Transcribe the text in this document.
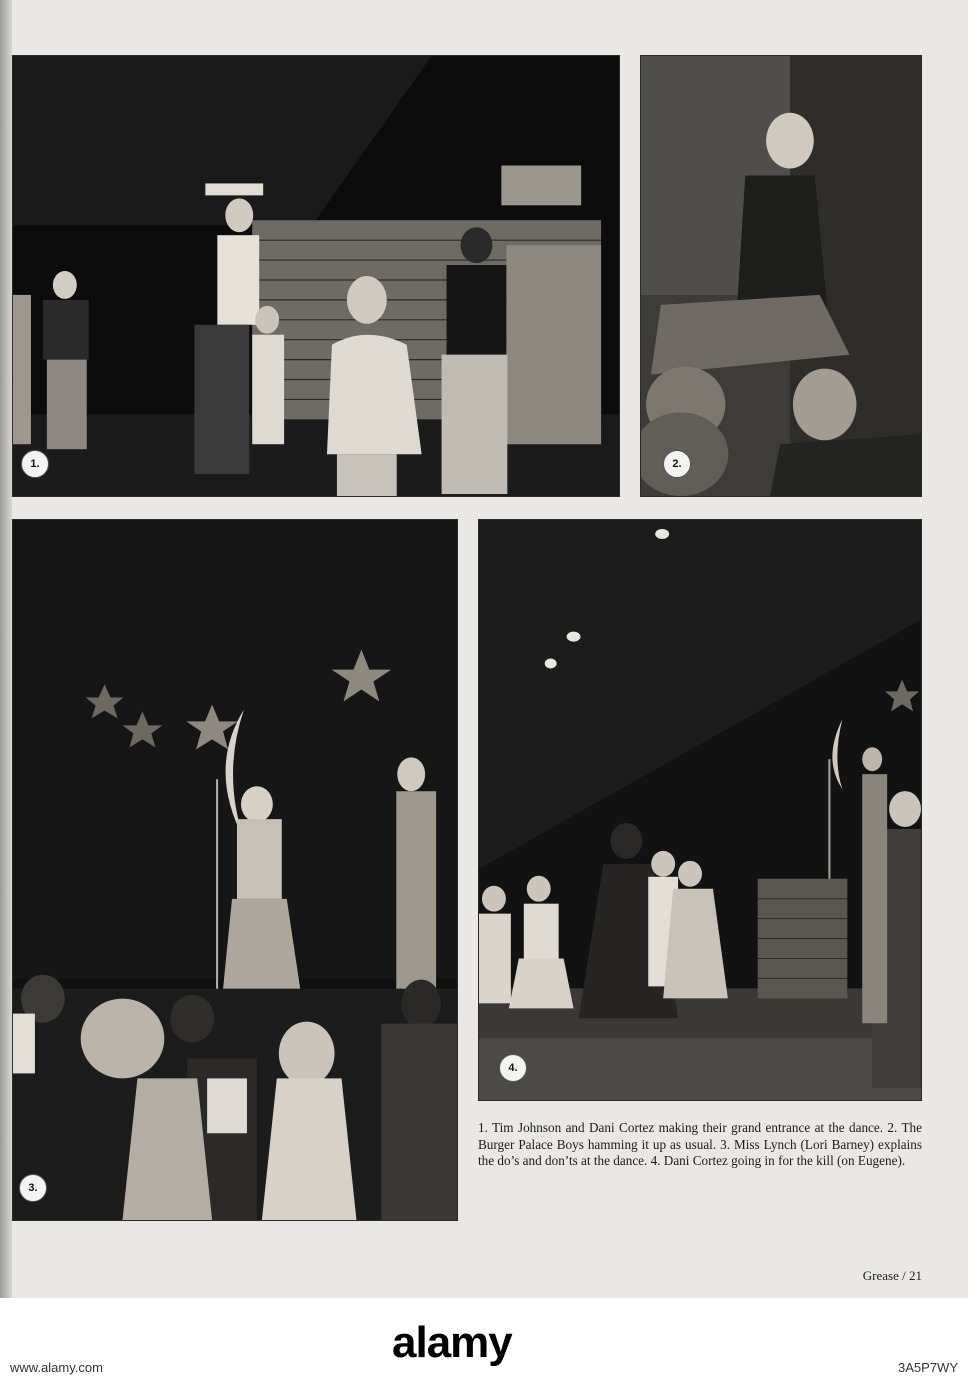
1.	2.
3.
4.

1. Tim Johnson and Dani Cortez making their grand entrance at the dance. 2. The Burger Palace Boys hamming it up as usual. 3. Miss Lynch (Lori Barney) explains the do’s and don’ts at the dance. 4. Dani Cortez going in for the kill (on Eugene).

Grease / 21
alamy
www.alamy.com	3A5P7WY
